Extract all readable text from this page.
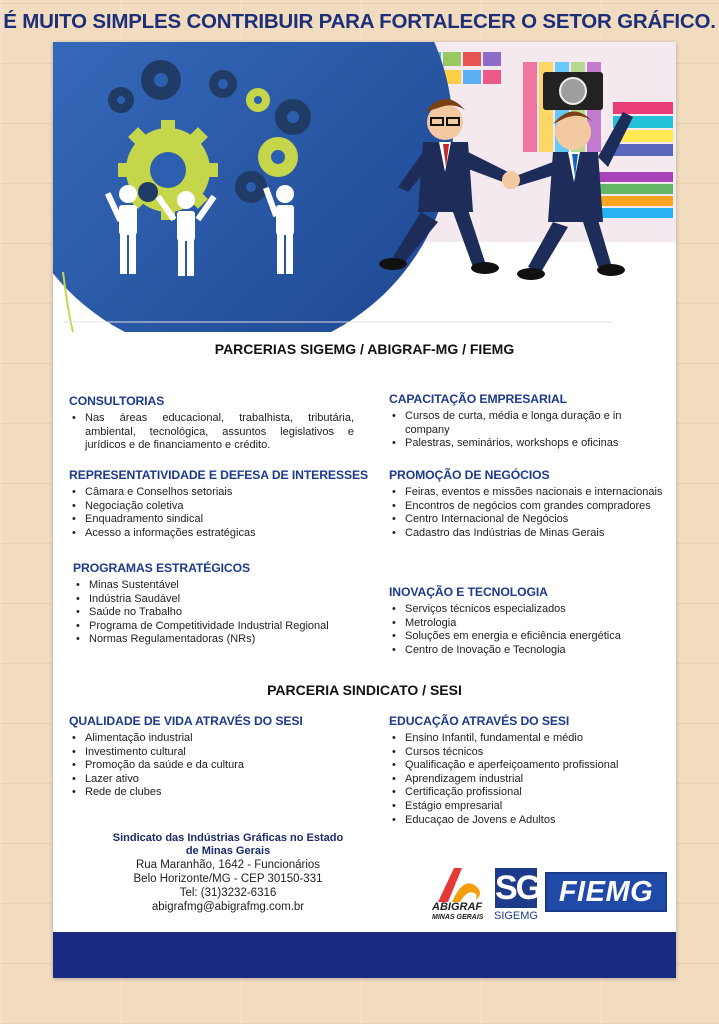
É MUITO SIMPLES CONTRIBUIR PARA FORTALECER O SETOR GRÁFICO.
PARCERIAS SIGEMG / ABIGRAF-MG / FIEMG
CONSULTORIAS
• Nas áreas educacional, trabalhista, tributária, ambiental, tecnológica, assuntos legislativos e jurídicos e de financiamento e crédito.
REPRESENTATIVIDADE E DEFESA DE INTERESSES
• Câmara e Conselhos setoriais
• Negociação coletiva
• Enquadramento sindical
• Acesso a informações estratégicas
PROGRAMAS ESTRATÉGICOS
• Minas Sustentável
• Indústria Saudável
• Saúde no Trabalho
• Programa de Competitividade Industrial Regional
• Normas Regulamentadoras (NRs)
CAPACITAÇÃO EMPRESARIAL
• Cursos de curta, média e longa duração e in company
• Palestras, seminários, workshops e oficinas
PROMOÇÃO DE NEGÓCIOS
• Feiras, eventos e missões nacionais e internacionais
• Encontros de negócios com grandes compradores
• Centro Internacional de Negócios
• Cadastro das Indústrias de Minas Gerais
INOVAÇÃO E TECNOLOGIA
• Serviços técnicos especializados
• Metrologia
• Soluções em energia e eficiência energética
• Centro de Inovação e Tecnologia
PARCERIA SINDICATO / SESI
QUALIDADE DE VIDA ATRAVÉS DO SESI
• Alimentação industrial
• Investimento cultural
• Promoção da saúde e da cultura
• Lazer ativo
• Rede de clubes
EDUCAÇÃO ATRAVÉS DO SESI
• Ensino Infantil, fundamental e médio
• Cursos técnicos
• Qualificação e aperfeiçoamento profissional
• Aprendizagem industrial
• Certificação profissional
• Estágio empresarial
• Educaçao de Jovens e Adultos
Sindicato das Indústrias Gráficas no Estado
de Minas Gerais
Rua Maranhão, 1642 - Funcionários
Belo Horizonte/MG - CEP 30150-331
Tel: (31)3232-6316
abigrafmg@abigrafmg.com.br	ABIGRAF
MINAS GERAIS
SG
SIGEMG
FIEMG
